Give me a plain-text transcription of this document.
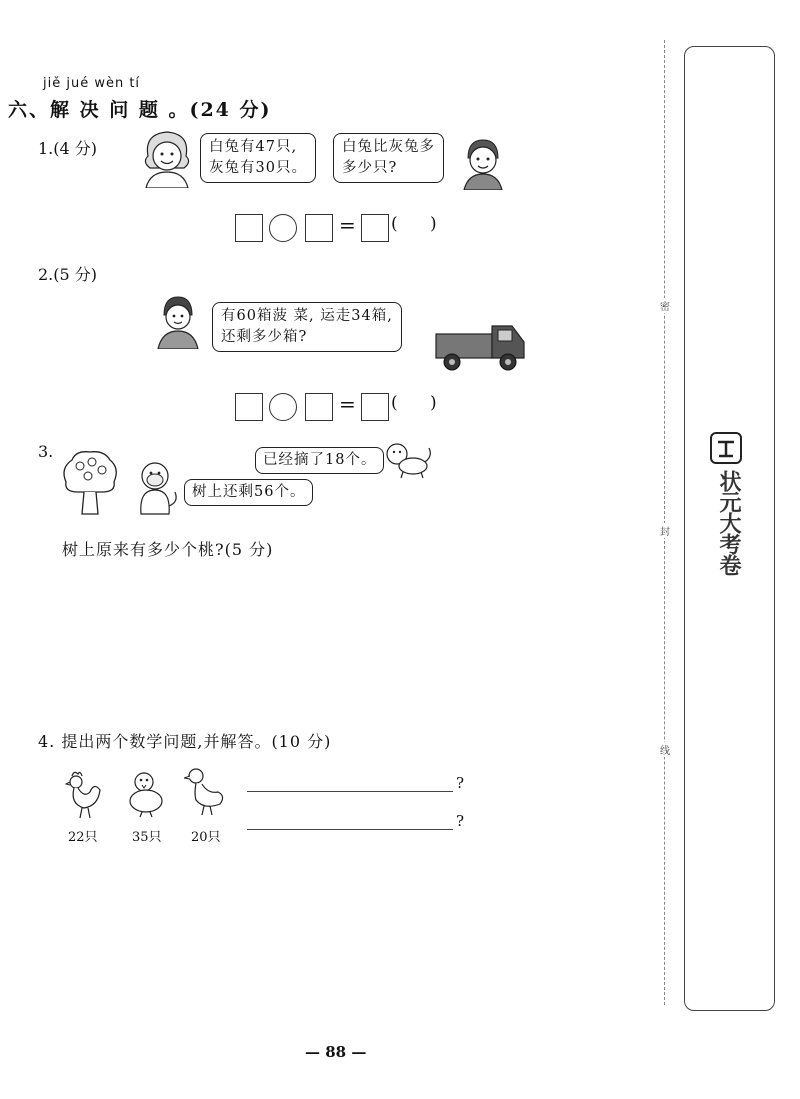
jiě jué wèn tí
六、解 决 问 题 。(24 分)
1.(4 分)	白兔有47只,
灰兔有30只。
白兔比灰兔多
多少只?
= (      )
2.(5 分)
有60箱菠 菜, 运走34箱,
还剩多少箱?
= (      )
3.	已经摘了18个。
树上还剩56个。
树上原来有多少个桃?(5 分)
4. 提出两个数学问题,并解答。(10 分)
22只	35只 20只
?
?
密
封
线
状元大考卷
— 88 —
